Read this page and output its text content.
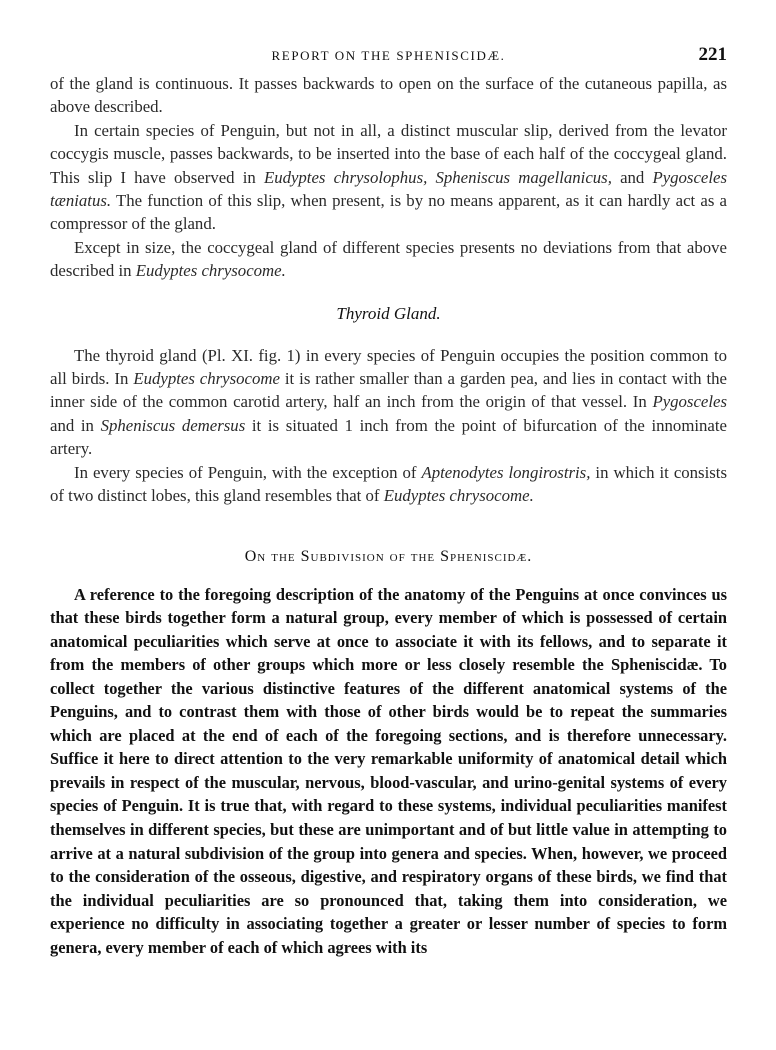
REPORT ON THE SPHENISCIDÆ.	221

of the gland is continuous. It passes backwards to open on the surface of the cutaneous papilla, as above described.

In certain species of Penguin, but not in all, a distinct muscular slip, derived from the levator coccygis muscle, passes backwards, to be inserted into the base of each half of the coccygeal gland. This slip I have observed in Eudyptes chrysolophus, Spheniscus magellanicus, and Pygosceles tæniatus. The function of this slip, when present, is by no means apparent, as it can hardly act as a compressor of the gland.

Except in size, the coccygeal gland of different species presents no deviations from that above described in Eudyptes chrysocome.

Thyroid Gland.

The thyroid gland (Pl. XI. fig. 1) in every species of Penguin occupies the position common to all birds. In Eudyptes chrysocome it is rather smaller than a garden pea, and lies in contact with the inner side of the common carotid artery, half an inch from the origin of that vessel. In Pygosceles and in Spheniscus demersus it is situated 1 inch from the point of bifurcation of the innominate artery.

In every species of Penguin, with the exception of Aptenodytes longirostris, in which it consists of two distinct lobes, this gland resembles that of Eudyptes chrysocome.

On the Subdivision of the Spheniscidæ.

A reference to the foregoing description of the anatomy of the Penguins at once convinces us that these birds together form a natural group, every member of which is possessed of certain anatomical peculiarities which serve at once to associate it with its fellows, and to separate it from the members of other groups which more or less closely resemble the Spheniscidæ. To collect together the various distinctive features of the different anatomical systems of the Penguins, and to contrast them with those of other birds would be to repeat the summaries which are placed at the end of each of the foregoing sections, and is therefore unnecessary. Suffice it here to direct attention to the very remarkable uniformity of anatomical detail which prevails in respect of the muscular, nervous, blood-vascular, and urino-genital systems of every species of Penguin. It is true that, with regard to these systems, individual peculiarities manifest themselves in different species, but these are unimportant and of but little value in attempting to arrive at a natural subdivision of the group into genera and species. When, however, we proceed to the consideration of the osseous, digestive, and respiratory organs of these birds, we find that the individual peculiarities are so pronounced that, taking them into consideration, we experience no difficulty in associating together a greater or lesser number of species to form genera, every member of each of which agrees with its
